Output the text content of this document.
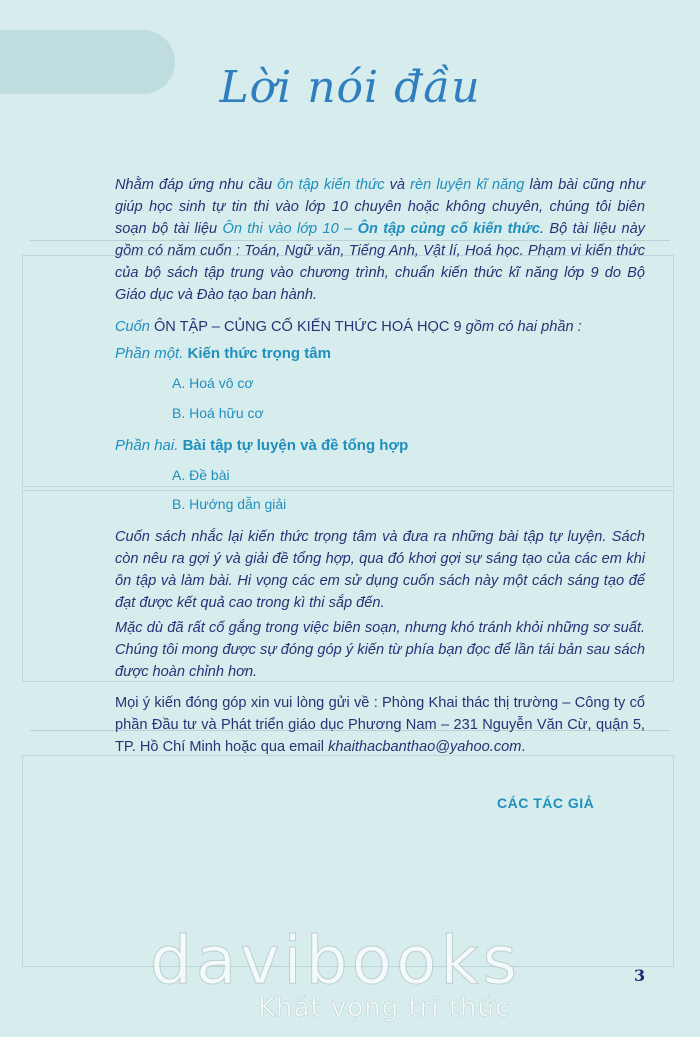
Lời nói đầu
Nhằm đáp ứng nhu cầu ôn tập kiến thức và rèn luyện kĩ năng làm bài cũng như giúp học sinh tự tin thi vào lớp 10 chuyên hoặc không chuyên, chúng tôi biên soạn bộ tài liệu Ôn thi vào lớp 10 – Ôn tập củng cố kiến thức. Bộ tài liệu này gồm có năm cuốn : Toán, Ngữ văn, Tiếng Anh, Vật lí, Hoá học. Phạm vi kiến thức của bộ sách tập trung vào chương trình, chuẩn kiến thức kĩ năng lớp 9 do Bộ Giáo dục và Đào tạo ban hành.
Cuốn ÔN TẬP – CỦNG CỐ KIẾN THỨC HOÁ HỌC 9 gồm có hai phần :
Phần một. Kiến thức trọng tâm
A. Hoá vô cơ
B. Hoá hữu cơ
Phần hai. Bài tập tự luyện và đề tổng hợp
A. Đề bài
B. Hướng dẫn giải
Cuốn sách nhắc lại kiến thức trọng tâm và đưa ra những bài tập tự luyện. Sách còn nêu ra gợi ý và giải đề tổng hợp, qua đó khơi gợi sự sáng tạo của các em khi ôn tập và làm bài. Hi vọng các em sử dụng cuốn sách này một cách sáng tạo để đạt được kết quả cao trong kì thi sắp đến.
Mặc dù đã rất cố gắng trong việc biên soạn, nhưng khó tránh khỏi những sơ suất. Chúng tôi mong được sự đóng góp ý kiến từ phía bạn đọc để lần tái bản sau sách được hoàn chỉnh hơn.
Mọi ý kiến đóng góp xin vui lòng gửi về : Phòng Khai thác thị trường – Công ty cổ phần Đầu tư và Phát triển giáo dục Phương Nam – 231 Nguyễn Văn Cừ, quận 5, TP. Hồ Chí Minh hoặc qua email khaithacbanthao@yahoo.com.
CÁC TÁC GIẢ
davibooks	3
Khát vọng tri thức
